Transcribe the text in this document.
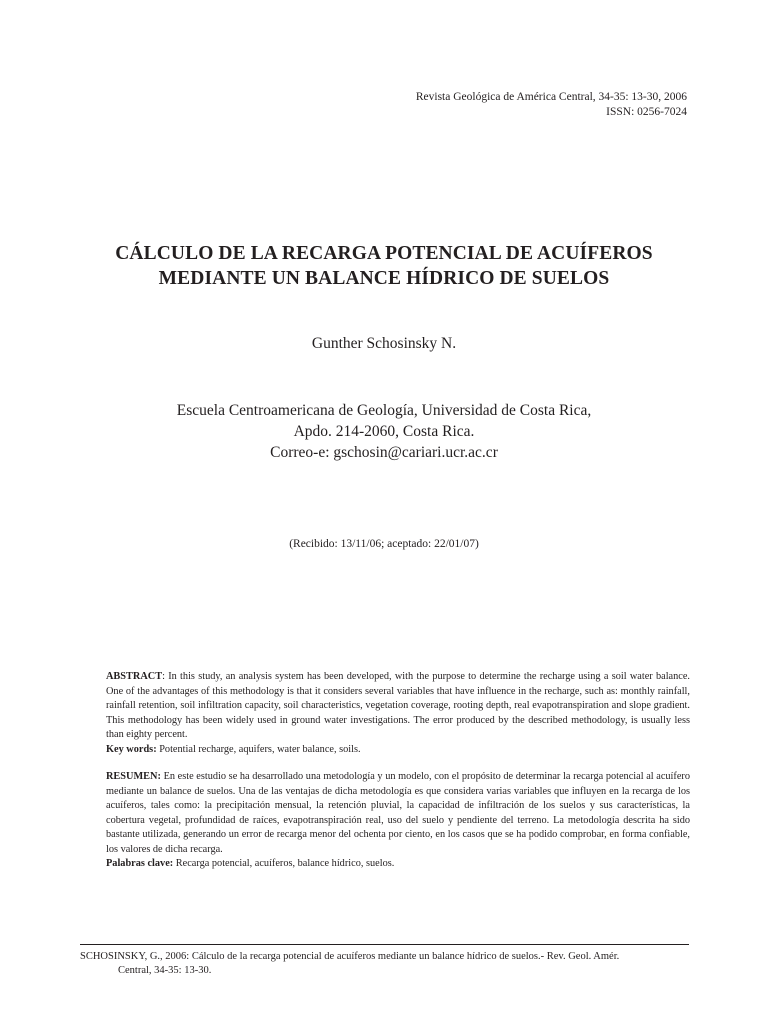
Revista Geológica de América Central, 34-35: 13-30, 2006
ISSN: 0256-7024
CÁLCULO DE LA RECARGA POTENCIAL DE ACUÍFEROS
MEDIANTE UN BALANCE HÍDRICO DE SUELOS
Gunther Schosinsky N.
Escuela Centroamericana de Geología, Universidad de Costa Rica,
Apdo. 214-2060, Costa Rica.
Correo-e: gschosin@cariari.ucr.ac.cr
(Recibido: 13/11/06; aceptado: 22/01/07)

ABSTRACT: In this study, an analysis system has been developed, with the purpose to determine the recharge using a soil water balance. One of the advantages of this methodology is that it considers several variables that have influence in the recharge, such as: monthly rainfall, rainfall retention, soil infiltration capacity, soil characteristics, vegetation coverage, rooting depth, real evapotranspiration and slope gradient. This methodology has been widely used in ground water investigations. The error produced by the described methodology, is usually less than eighty percent.

Key words: Potential recharge, aquifers, water balance, soils.

RESUMEN: En este estudio se ha desarrollado una metodología y un modelo, con el propósito de determinar la recarga potencial al acuífero mediante un balance de suelos. Una de las ventajas de dicha metodología es que considera varias variables que influyen en la recarga de los acuíferos, tales como: la precipitación mensual, la retención pluvial, la capacidad de infiltración de los suelos y sus características, la cobertura vegetal, profundidad de raíces, evapotranspiración real, uso del suelo y pendiente del terreno. La metodología descrita ha sido bastante utilizada, generando un error de recarga menor del ochenta por ciento, en los casos que se ha podido comprobar, en forma confiable, los valores de dicha recarga.

Palabras clave: Recarga potencial, acuíferos, balance hídrico, suelos.

SCHOSINSKY, G., 2006: Cálculo de la recarga potencial de acuíferos mediante un balance hídrico de suelos.- Rev. Geol. Amér.
Central, 34-35: 13-30.
